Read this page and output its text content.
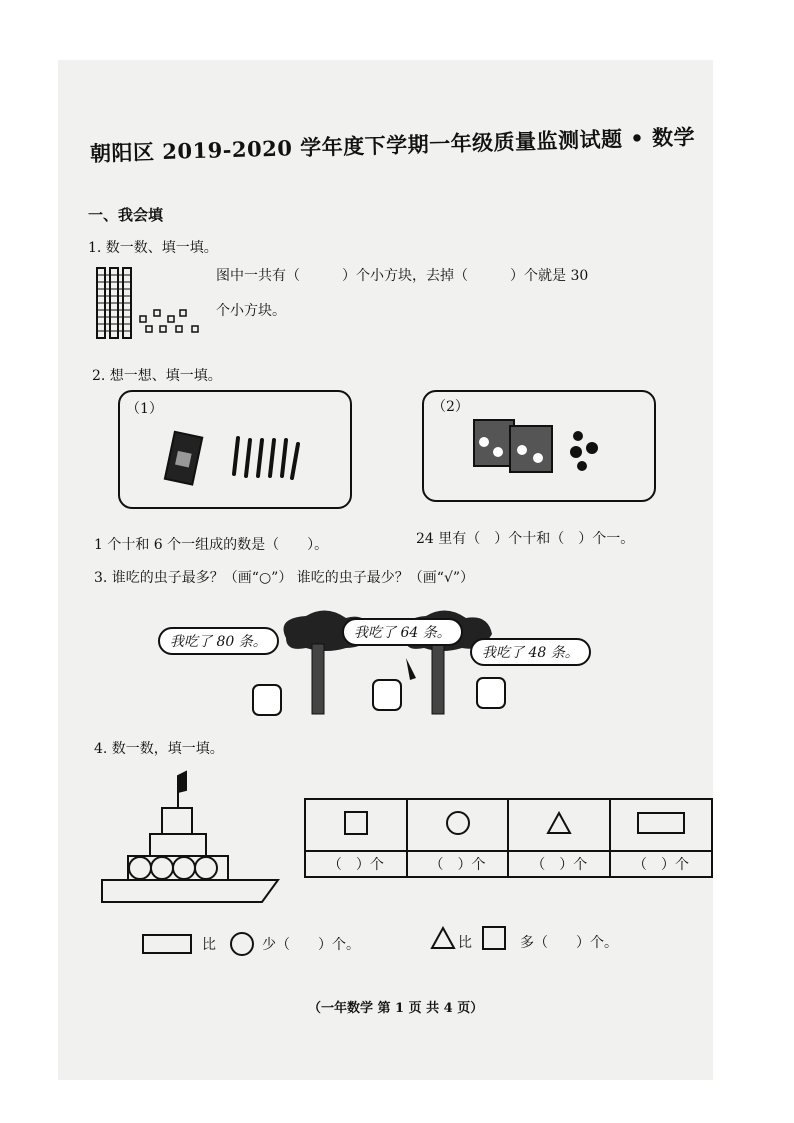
朝阳区 2019-2020 学年度下学期一年级质量监测试题 • 数学
一、我会填
1. 数一数、填一填。
图中一共有（　　　）个小方块，去掉（　　　）个就是 30
个小方块。
2. 想一想、填一填。
（1）	（2）
1 个十和 6 个一组成的数是（　　）。	24 里有（　）个十和（　）个一。
3. 谁吃的虫子最多？（画“○”） 谁吃的虫子最少？（画“√”）
我吃了 80 条。
我吃了 64 条。
我吃了 48 条。
4. 数一数，填一填。

（　）个	（　）个	（　）个	（　）个
比	少（　　）个。	比	多（　　）个。
（一年数学 第 1 页 共 4 页）
